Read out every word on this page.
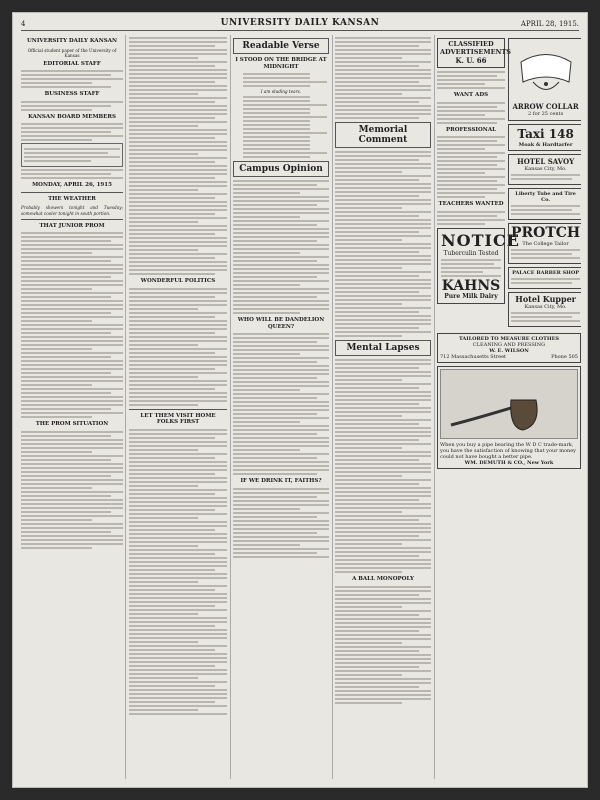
4	UNIVERSITY DAILY KANSAN	APRIL 28, 1915.
UNIVERSITY DAILY KANSAN
Official student paper of the University of Kansas
EDITORIAL STAFF
BUSINESS STAFF
KANSAN BOARD MEMBERS
MONDAY, APRIL 26, 1915
THE WEATHER
Probably showers tonight and Tuesday; somewhat cooler tonight in south portion.
THAT JUNIOR PROM
THE PROM SITUATION
WONDERFUL POLITICS
LET THEM VISIT HOME FOLKS FIRST
Readable Verse
I STOOD ON THE BRIDGE AT MIDNIGHT
I am eluding tears.
Campus Opinion
WHO WILL BE DANDELION QUEEN?
IF WE DRINK IT, FAITHS?
Memorial Comment
Mental Lapses
A BALL MONOPOLY
CLASSIFIED ADVERTISEMENTS
K. U. 66
WANT ADS
PROFESSIONAL
TEACHERS WANTED
NOTICE
Tuberculin Tested
KAHNS
Pure Milk Dairy
ARROW COLLAR
2 for 25 cents
Taxi 148
Moak & Hardtarfer
HOTEL SAVOY
Kansas City, Mo.
Liberty Tube and Tire Co.
PROTCH
The College Tailor
PALACE BARBER SHOP
Hotel Kupper
Kansas City, Mo.
TAILORED TO MEASURE CLOTHES
CLEANING AND PRESSING
W. E. WILSON
712 Massachusetts Street	Phone 505
When you buy a pipe bearing the W D C trade-mark, you have the satisfaction of knowing that your money could not have bought a better pipe.
WM. DEMUTH & CO., New York
